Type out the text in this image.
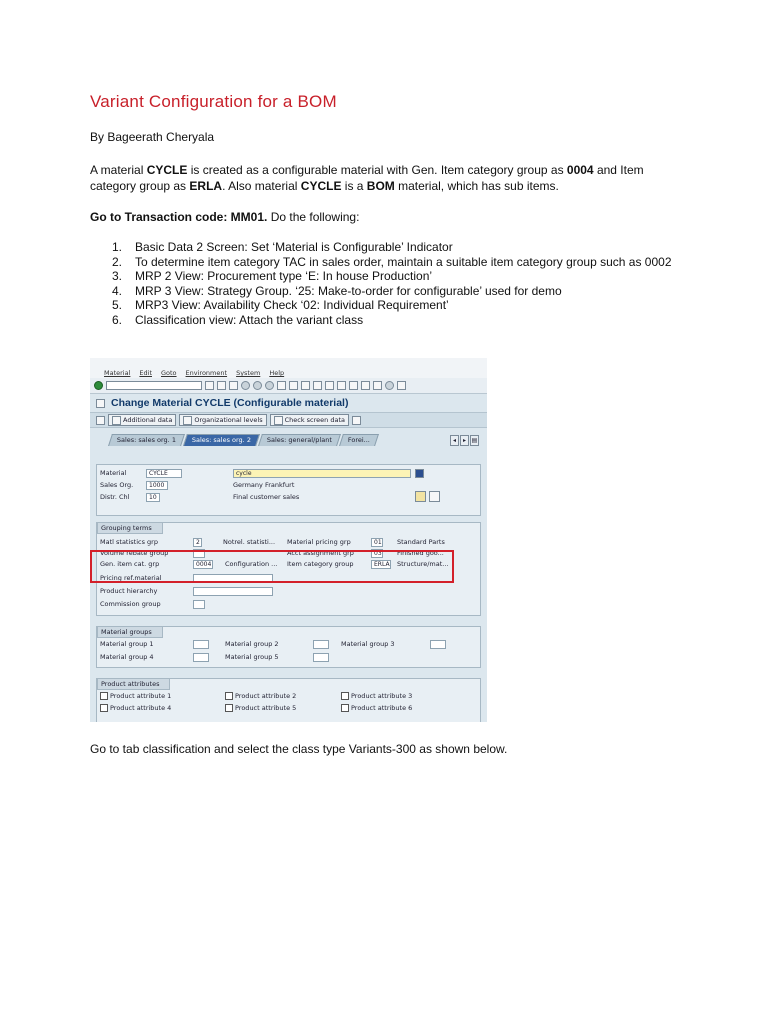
Variant Configuration for a BOM
By Bageerath Cheryala
A material CYCLE is created as a configurable material with Gen. Item category group as 0004 and Item category group as ERLA. Also material CYCLE is a BOM material, which has sub items.
Go to Transaction code: MM01. Do the following:
1.	Basic Data 2 Screen: Set ‘Material is Configurable’ Indicator
2.	To determine item category TAC in sales order, maintain a suitable item category group such as 0002
3.	MRP 2 View: Procurement type ‘E: In house Production’
4.	MRP 3 View: Strategy Group. ‘25: Make-to-order for configurable’ used for demo
5.	MRP3 View: Availability Check ‘02: Individual Requirement’
6.	Classification view: Attach the variant class
Material Edit Goto Environment System Help
Change Material CYCLE (Configurable material)
Additional data	Organizational levels	Check screen data
Sales: sales org. 1	Sales: sales org. 2	Sales: general/plant	Forei...	◂	▸ ▤
Material	CYCLE	cycle
Sales Org.	1000	Germany Frankfurt
Distr. Chl	10	Final customer sales
Grouping terms
Matl statistics grp	2	Notrel. statisti... Material pricing grp	01 Standard Parts
Volume rebate group	Acct assignment grp	03 Finished goo...
Gen. item cat. grp	0004 Configuration ... Item category group	ERLA Structure/mat...
Pricing ref.material
Product hierarchy
Commission group
Material groups
Material group 1	Material group 2	Material group 3
Material group 4	Material group 5
Product attributes
Product attribute 1	Product attribute 2	Product attribute 3
Product attribute 4	Product attribute 5	Product attribute 6
Go to tab classification and select the class type Variants-300 as shown below.
